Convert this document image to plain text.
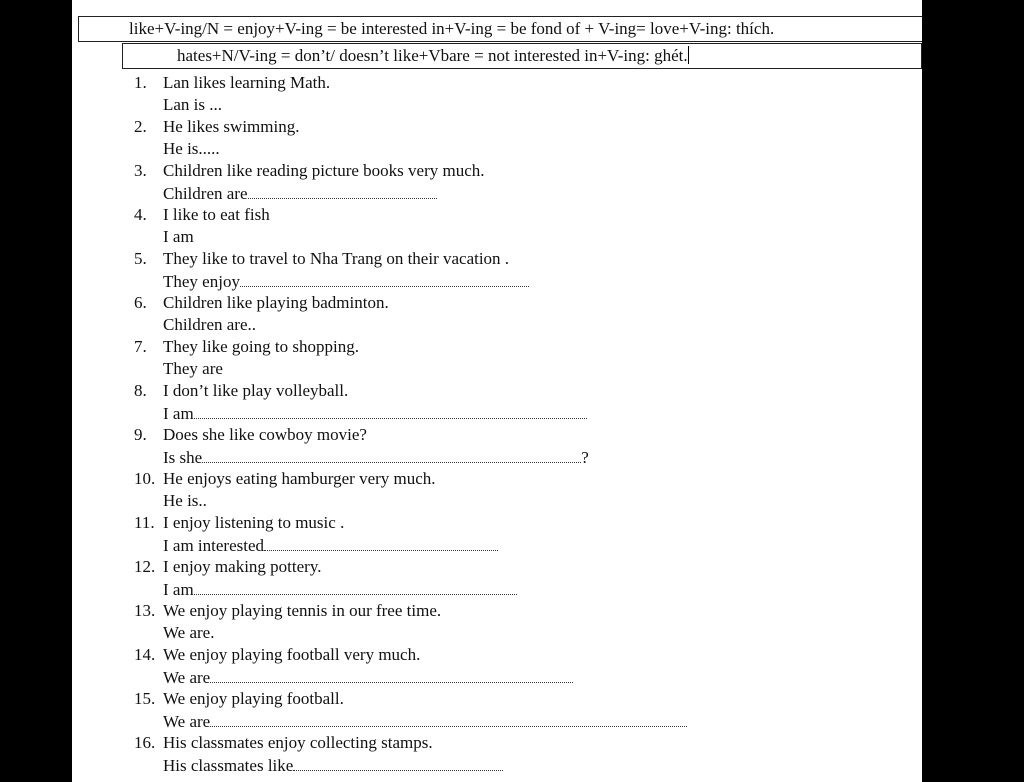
like+V-ing/N = enjoy+V-ing = be interested in+V-ing = be fond of + V-ing= love+V-ing: thích.
hates+N/V-ing = don’t/ doesn’t like+Vbare = not interested in+V-ing: ghét.
1. Lan likes learning Math.
Lan is ...
2. He likes swimming.
He is.....
3. Children like reading picture books very much.
Children are
4. I like to eat fish
I am
5. They like to travel to Nha Trang on their vacation .
They enjoy
6. Children like playing badminton.
Children are..
7. They like going to shopping.
They are
8. I don’t like play volleyball.
I am
9. Does she like cowboy movie?
Is she	?
10. He enjoys eating hamburger very much.
He is..
11. I enjoy listening to music .
I am interested
12. I enjoy making pottery.
I am
13. We enjoy playing tennis in our free time.
We are.
14. We enjoy playing football very much.
We are
15. We enjoy playing football.
We are
16. His classmates enjoy collecting stamps.
His classmates like
